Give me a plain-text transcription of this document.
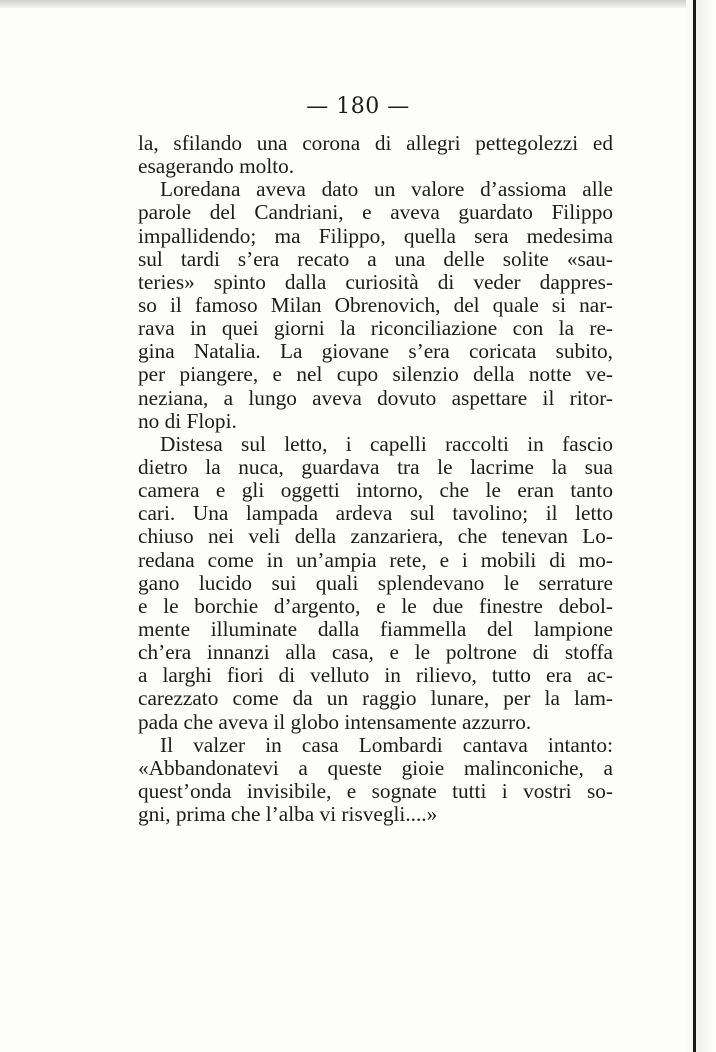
— 180 —
la, sfilando una corona di allegri pettegolezzi ed
esagerando molto.
Loredana aveva dato un valore d’assioma alle
parole del Candriani, e aveva guardato Filippo
impallidendo; ma Filippo, quella sera medesima
sul tardi s’era recato a una delle solite «sau-
teries» spinto dalla curiosità di veder dappres-
so il famoso Milan Obrenovich, del quale si nar-
rava in quei giorni la riconciliazione con la re-
gina Natalia. La giovane s’era coricata subito,
per piangere, e nel cupo silenzio della notte ve-
neziana, a lungo aveva dovuto aspettare il ritor-
no di Flopi.
Distesa sul letto, i capelli raccolti in fascio
dietro la nuca, guardava tra le lacrime la sua
camera e gli oggetti intorno, che le eran tanto
cari. Una lampada ardeva sul tavolino; il letto
chiuso nei veli della zanzariera, che tenevan Lo-
redana come in un’ampia rete, e i mobili di mo-
gano lucido sui quali splendevano le serrature
e le borchie d’argento, e le due finestre debol-
mente illuminate dalla fiammella del lampione
ch’era innanzi alla casa, e le poltrone di stoffa
a larghi fiori di velluto in rilievo, tutto era ac-
carezzato come da un raggio lunare, per la lam-
pada che aveva il globo intensamente azzurro.
Il valzer in casa Lombardi cantava intanto:
«Abbandonatevi a queste gioie malinconiche, a
quest’onda invisibile, e sognate tutti i vostri so-
gni, prima che l’alba vi risvegli....»
